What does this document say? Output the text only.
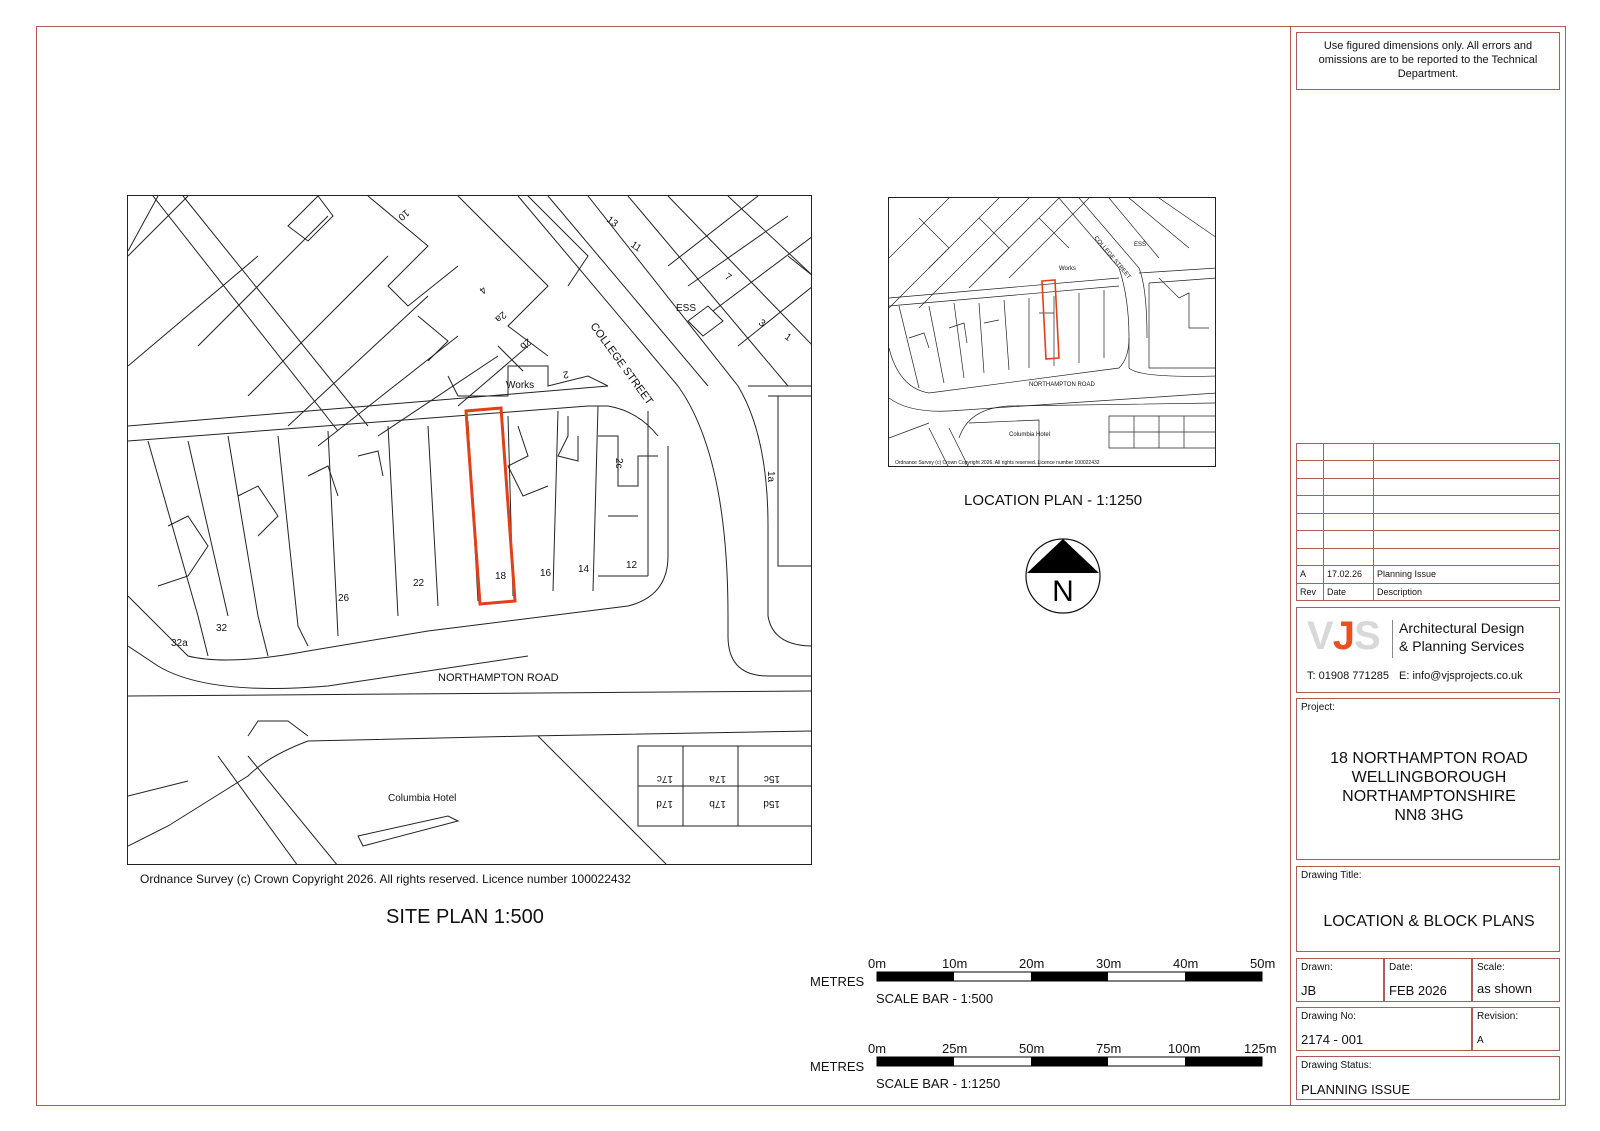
Use figured dimensions only. All errors and omissions are to be reported to the Technical Department.
COLLEGE STREET
NORTHAMPTON ROAD
Works
Columbia Hotel
ESS
10	13
11
7
3
1
4
2a
2b
2
1a
2c
12
14
16
18
22
26
32
32a
17c	17a	15c
17d	17b	15d
Ordnance Survey (c) Crown Copyright 2026. All rights reserved. Licence number 100022432
SITE PLAN 1:500
NORTHAMPTON ROAD
Columbia Hotel
Works	COLLEGE STREET ESS
Ordnance Survey (c) Crown Copyright 2026. All rights reserved. Licence number 100022432
LOCATION PLAN - 1:1250
N
METRES
0m	10m	20m	30m	40m	50m
SCALE BAR - 1:500
METRES
0m	25m	50m	75m	100m	125m
SCALE BAR - 1:1250

A	17.02.26	Planning Issue
Rev	Date	Description
VJS Architectural Design
& Planning Services
T: 01908 771285 E: info@vjsprojects.co.uk
Project:
18 NORTHAMPTON ROAD
WELLINGBOROUGH
NORTHAMPTONSHIRE
NN8 3HG
Drawing Title:
LOCATION & BLOCK PLANS
Drawn:
JB
Date:
FEB 2026
Scale:
as shown
Drawing No:
2174 - 001
Revision:
A
Drawing Status:
PLANNING ISSUE
